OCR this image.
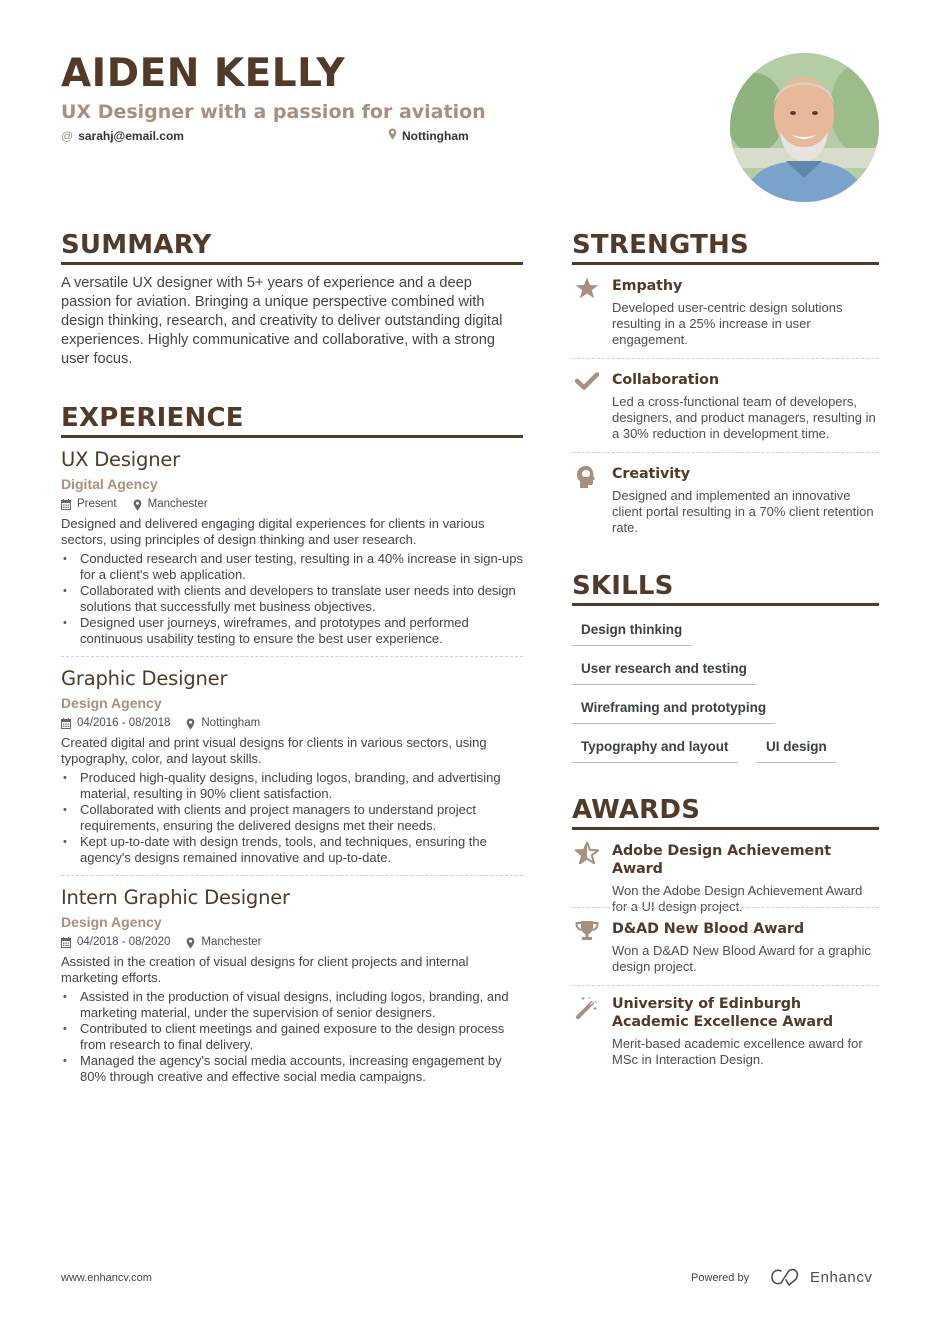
AIDEN KELLY
UX Designer with a passion for aviation
@ sarahj@email.com	Nottingham
SUMMARY
A versatile UX designer with 5+ years of experience and a deep passion for aviation. Bringing a unique perspective combined with design thinking, research, and creativity to deliver outstanding digital experiences. Highly communicative and collaborative, with a strong user focus.
EXPERIENCE
UX Designer
Digital Agency
Present	Manchester
Designed and delivered engaging digital experiences for clients in various sectors, using principles of design thinking and user research.
• Conducted research and user testing, resulting in a 40% increase in sign-ups for a client's web application.
• Collaborated with clients and developers to translate user needs into design solutions that successfully met business objectives.
• Designed user journeys, wireframes, and prototypes and performed continuous usability testing to ensure the best user experience.
Graphic Designer
Design Agency
04/2016 - 08/2018	Nottingham
Created digital and print visual designs for clients in various sectors, using typography, color, and layout skills.
• Produced high-quality designs, including logos, branding, and advertising material, resulting in 90% client satisfaction.
• Collaborated with clients and project managers to understand project requirements, ensuring the delivered designs met their needs.
• Kept up-to-date with design trends, tools, and techniques, ensuring the agency's designs remained innovative and up-to-date.
Intern Graphic Designer
Design Agency
04/2018 - 08/2020	Manchester
Assisted in the creation of visual designs for client projects and internal marketing efforts.
• Assisted in the production of visual designs, including logos, branding, and marketing material, under the supervision of senior designers.
• Contributed to client meetings and gained exposure to the design process from research to final delivery.
• Managed the agency's social media accounts, increasing engagement by 80% through creative and effective social media campaigns.
STRENGTHS
Empathy
Developed user-centric design solutions resulting in a 25% increase in user engagement.
Collaboration
Led a cross-functional team of developers, designers, and product managers, resulting in a 30% reduction in development time.
Creativity
Designed and implemented an innovative client portal resulting in a 70% client retention rate.
SKILLS
Design thinking
User research and testing
Wireframing and prototyping
Typography and layout	UI design
AWARDS
Adobe Design Achievement Award
Won the Adobe Design Achievement Award for a UI design project.
D&AD New Blood Award
Won a D&AD New Blood Award for a graphic design project.
University of Edinburgh Academic Excellence Award
Merit-based academic excellence award for MSc in Interaction Design.
www.enhancv.com	Powered by	Enhancv
